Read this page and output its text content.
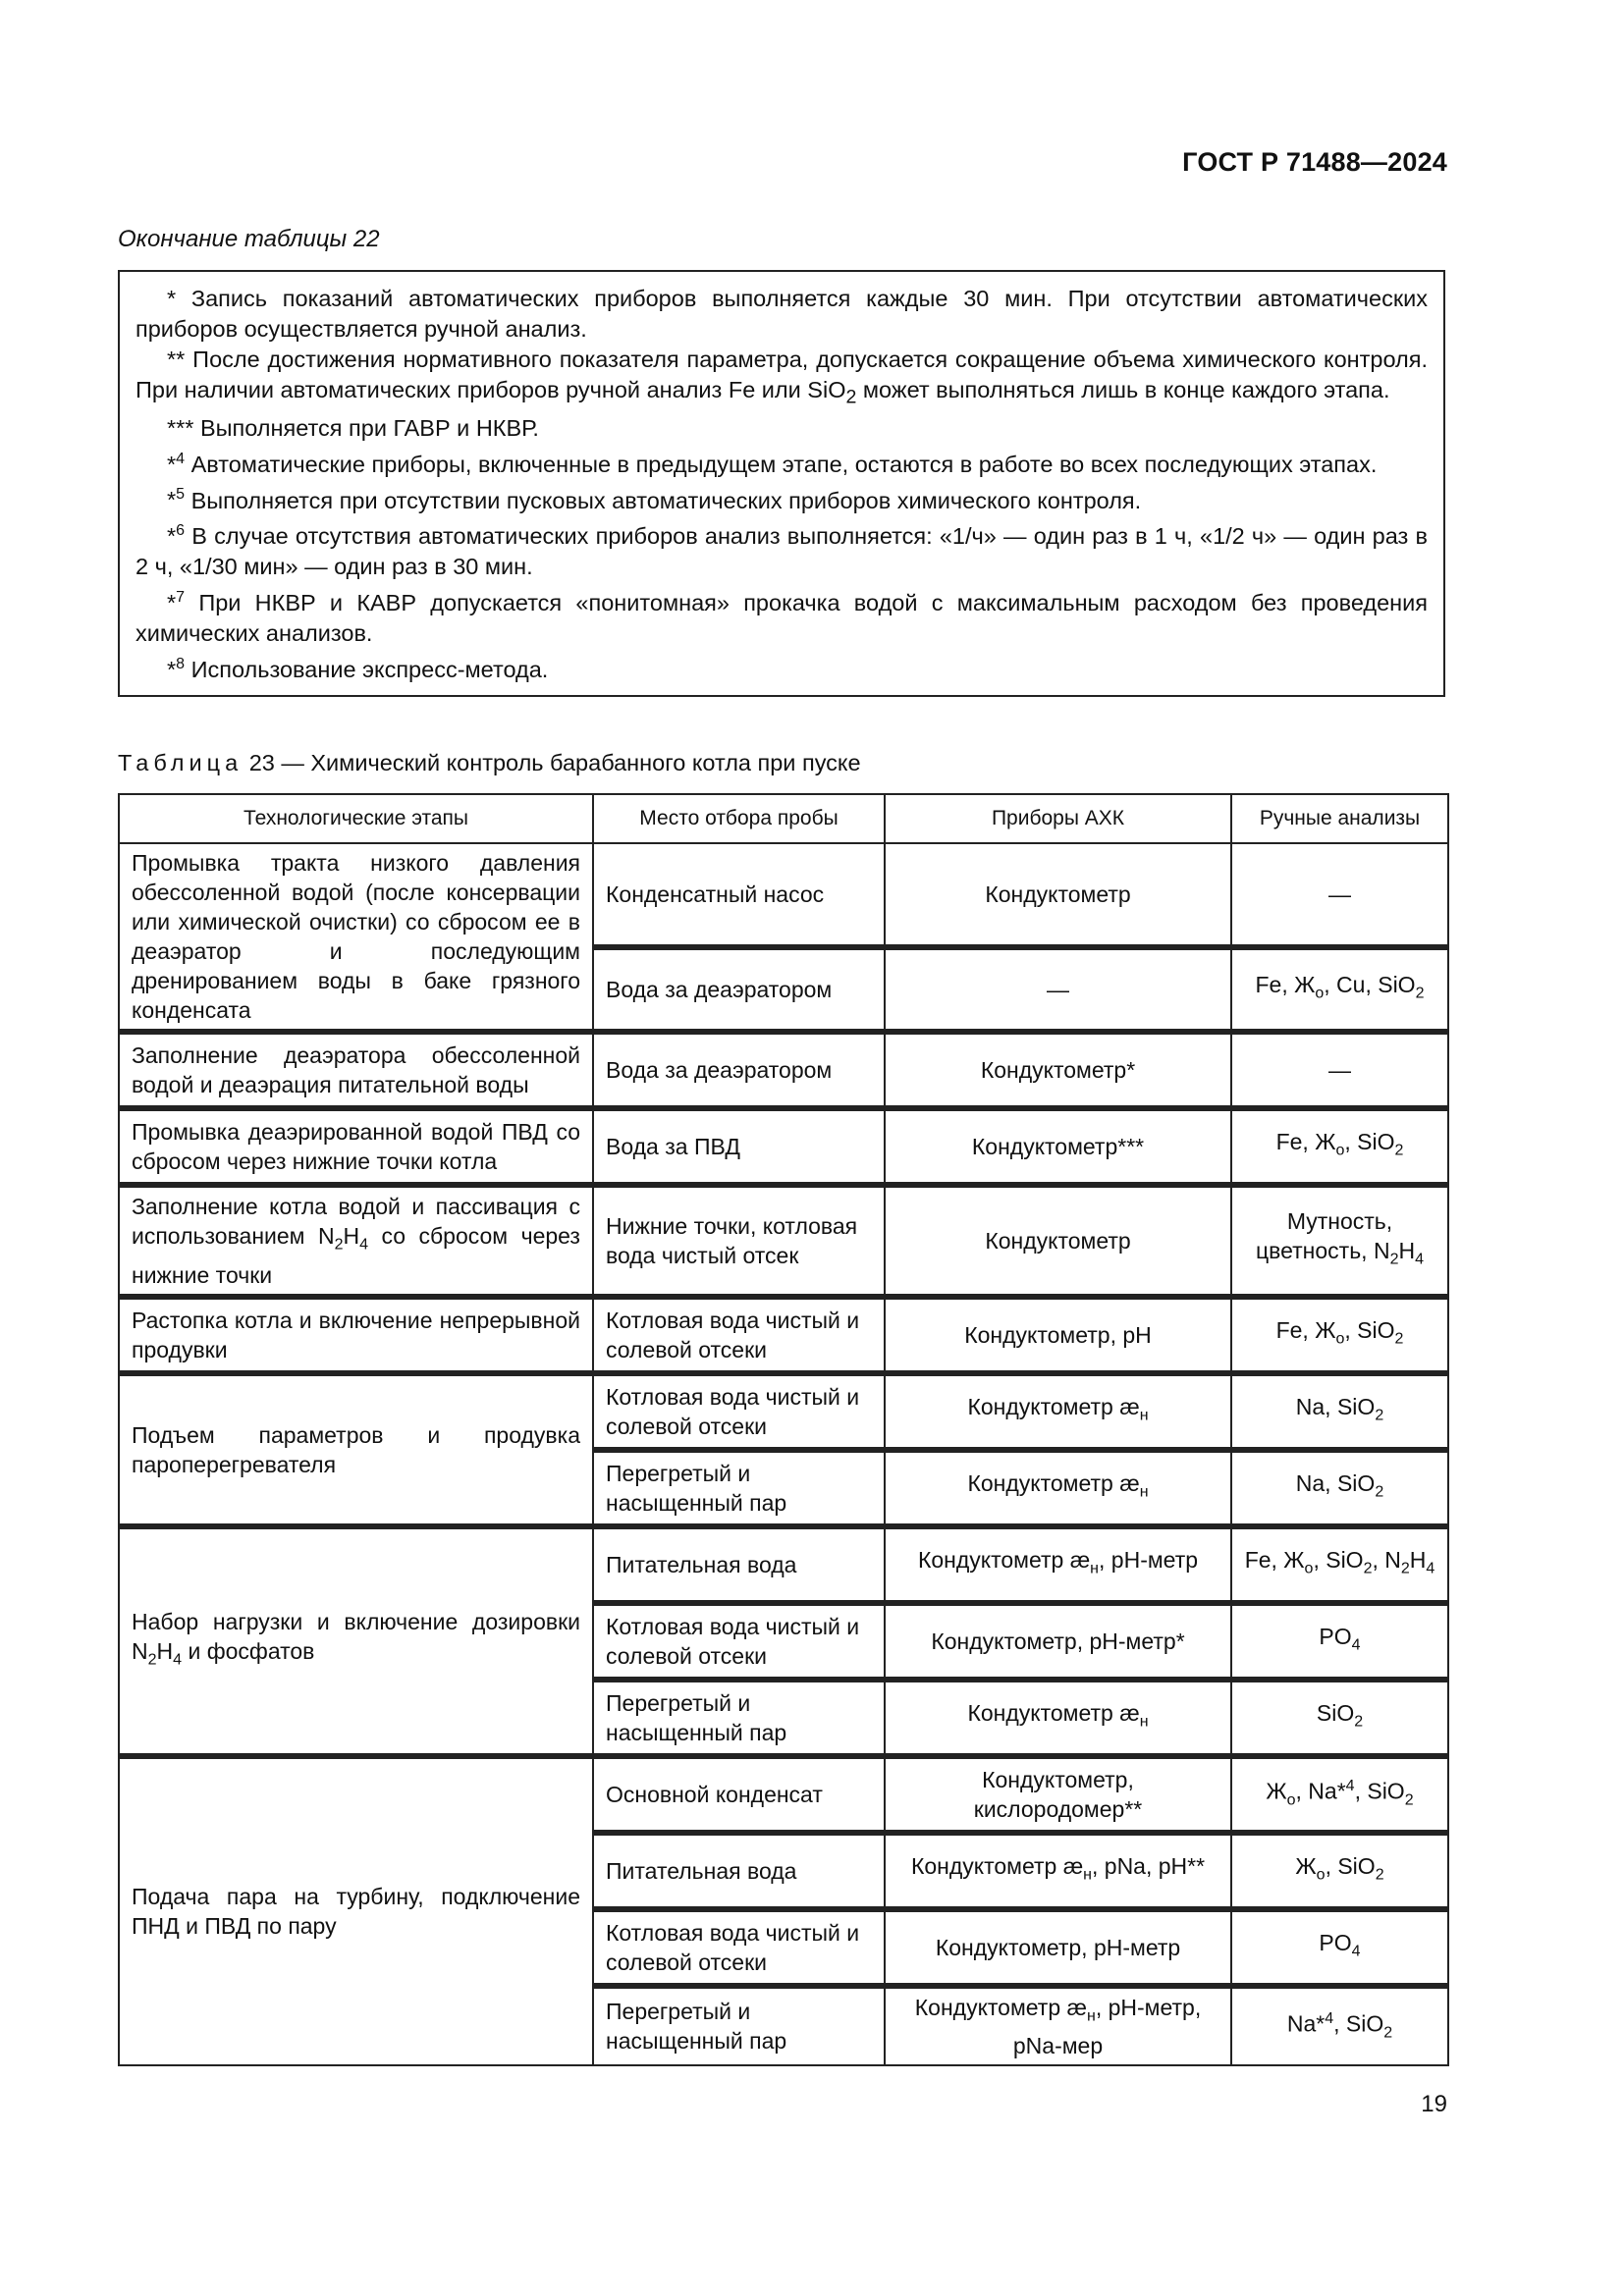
ГОСТ Р 71488—2024
Окончание таблицы 22

* Запись показаний автоматических приборов выполняется каждые 30 мин. При отсутствии автоматических приборов осуществляется ручной анализ.

** После достижения нормативного показателя параметра, допускается сокращение объема химического контроля. При наличии автоматических приборов ручной анализ Fe или SiO$_2$ может выполняться лишь в конце каждого этапа.

*** Выполняется при ГАВР и НКВР.

*$^4$ Автоматические приборы, включенные в предыдущем этапе, остаются в работе во всех последующих этапах.

*$^5$ Выполняется при отсутствии пусковых автоматических приборов химического контроля.

*$^6$ В случае отсутствия автоматических приборов анализ выполняется: «1/ч» — один раз в 1 ч, «1/2 ч» — один раз в 2 ч, «1/30 мин» — один раз в 30 мин.

*$^7$ При НКВР и КАВР допускается «понитомная» прокачка водой с максимальным расходом без проведения химических анализов.

*$^8$ Использование экспресс-метода.

Таблица 23 — Химический контроль барабанного котла при пуске
Технологические этапы	Место отбора пробы	Приборы АХК	Ручные анализы
Промывка тракта низкого давления обессоленной водой (после консервации или химической очистки) со сбросом ее в деаэратор и последующим дренированием воды в баке грязного конденсата	Конденсатный насос	Кондуктометр	—
	Вода за деаэратором	—	Fe, $Ж_о$, Cu, SiO$_2$
Заполнение деаэратора обессоленной водой и деаэрация питательной воды	Вода за деаэратором	Кондуктометр*	—
Промывка деаэрированной водой ПВД со сбросом через нижние точки котла	Вода за ПВД	Кондуктометр***	Fe, $Ж_о$, SiO$_2$
Заполнение котла водой и пассивация с использованием $N_2H_4$ со сбросом через нижние точки	Нижние точки, котловая вода чистый отсек	Кондуктометр	Мутность, цветность, $N_2H_4$
Растопка котла и включение непрерывной продувки	Котловая вода чистый и солевой отсеки	Кондуктометр, pH	Fe, $Ж_о$, SiO$_2$
Подъем параметров и продувка пароперегревателя	Котловая вода чистый и солевой отсеки	Кондуктометр $æ_н$	Na, SiO$_2$
	Перегретый и насыщенный пар	Кондуктометр $æ_н$	Na, SiO$_2$
Набор нагрузки и включение дозировки $N_2H_4$ и фосфатов	Питательная вода	Кондуктометр $æ_н$, pH-метр	Fe, $Ж_о$, SiO$_2$, $N_2H_4$
	Котловая вода чистый и солевой отсеки	Кондуктометр, pH-метр*	$PO_4$
	Перегретый и насыщенный пар	Кондуктометр $æ_н$	SiO$_2$
Подача пара на турбину, подключение ПНД и ПВД по пару	Основной конденсат	Кондуктометр, кислородомер**	$Ж_о$, Na*$^4$, SiO$_2$
	Питательная вода	Кондуктометр $æ_н$, pNa, pH**	$Ж_о$, SiO$_2$
	Котловая вода чистый и солевой отсеки	Кондуктометр, pH-метр	$PO_4$
	Перегретый и насыщенный пар	Кондуктометр $æ_н$, pH-метр, pNa-мер	Na*$^4$, SiO$_2$
19
